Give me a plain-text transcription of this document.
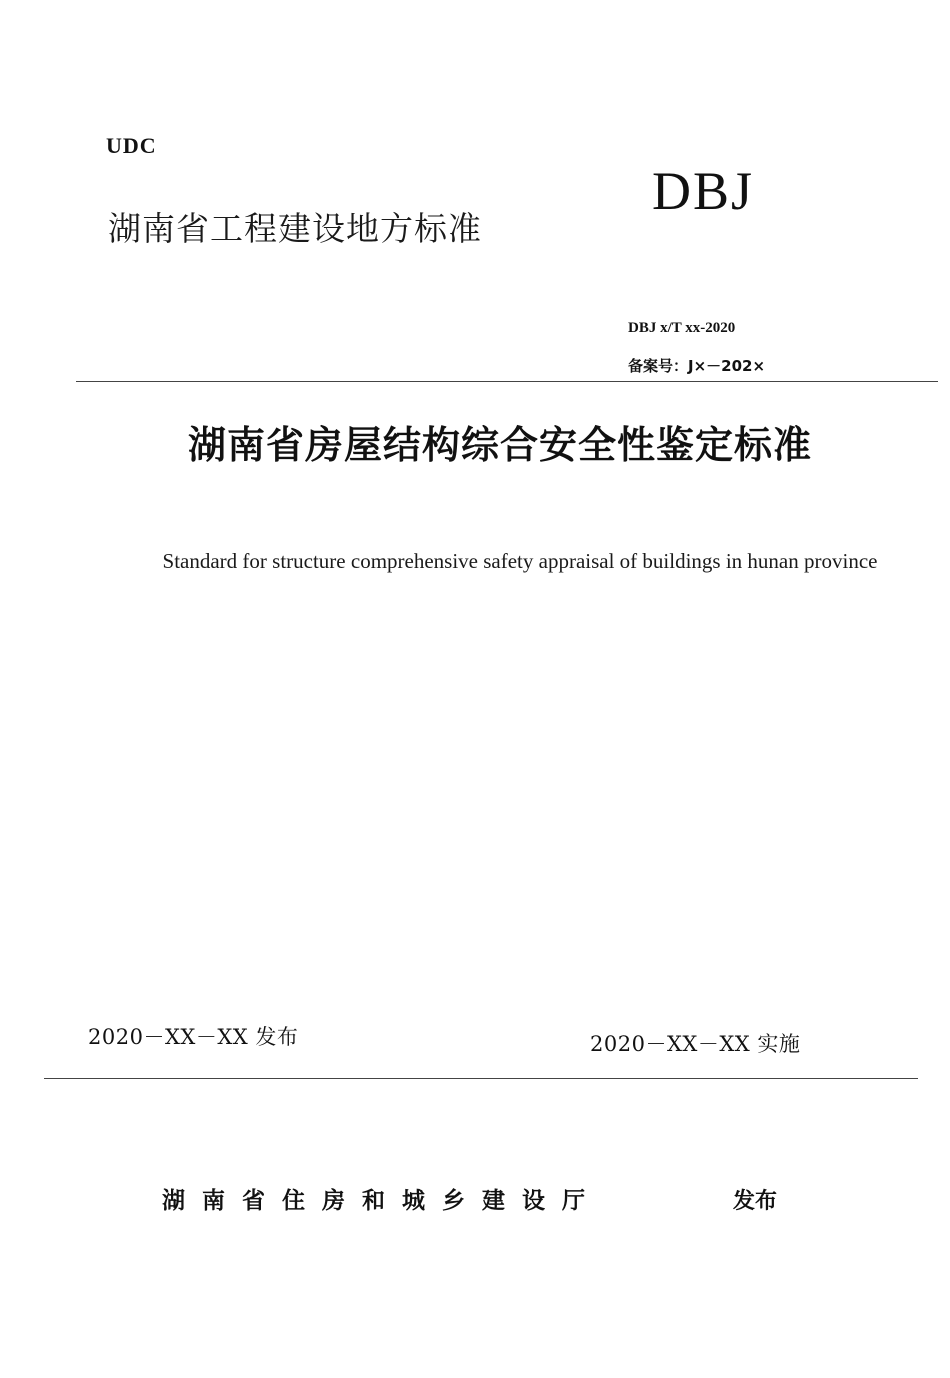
UDC
湖南省工程建设地方标准
DBJ
DBJ x/T xx-2020
备案号：J×－202×
湖南省房屋结构综合安全性鉴定标准
Standard for structure comprehensive safety appraisal of buildings in hunan province
2020－XX－XX 发布	2020－XX－XX 实施
湖南省住房和城乡建设厅	发布
